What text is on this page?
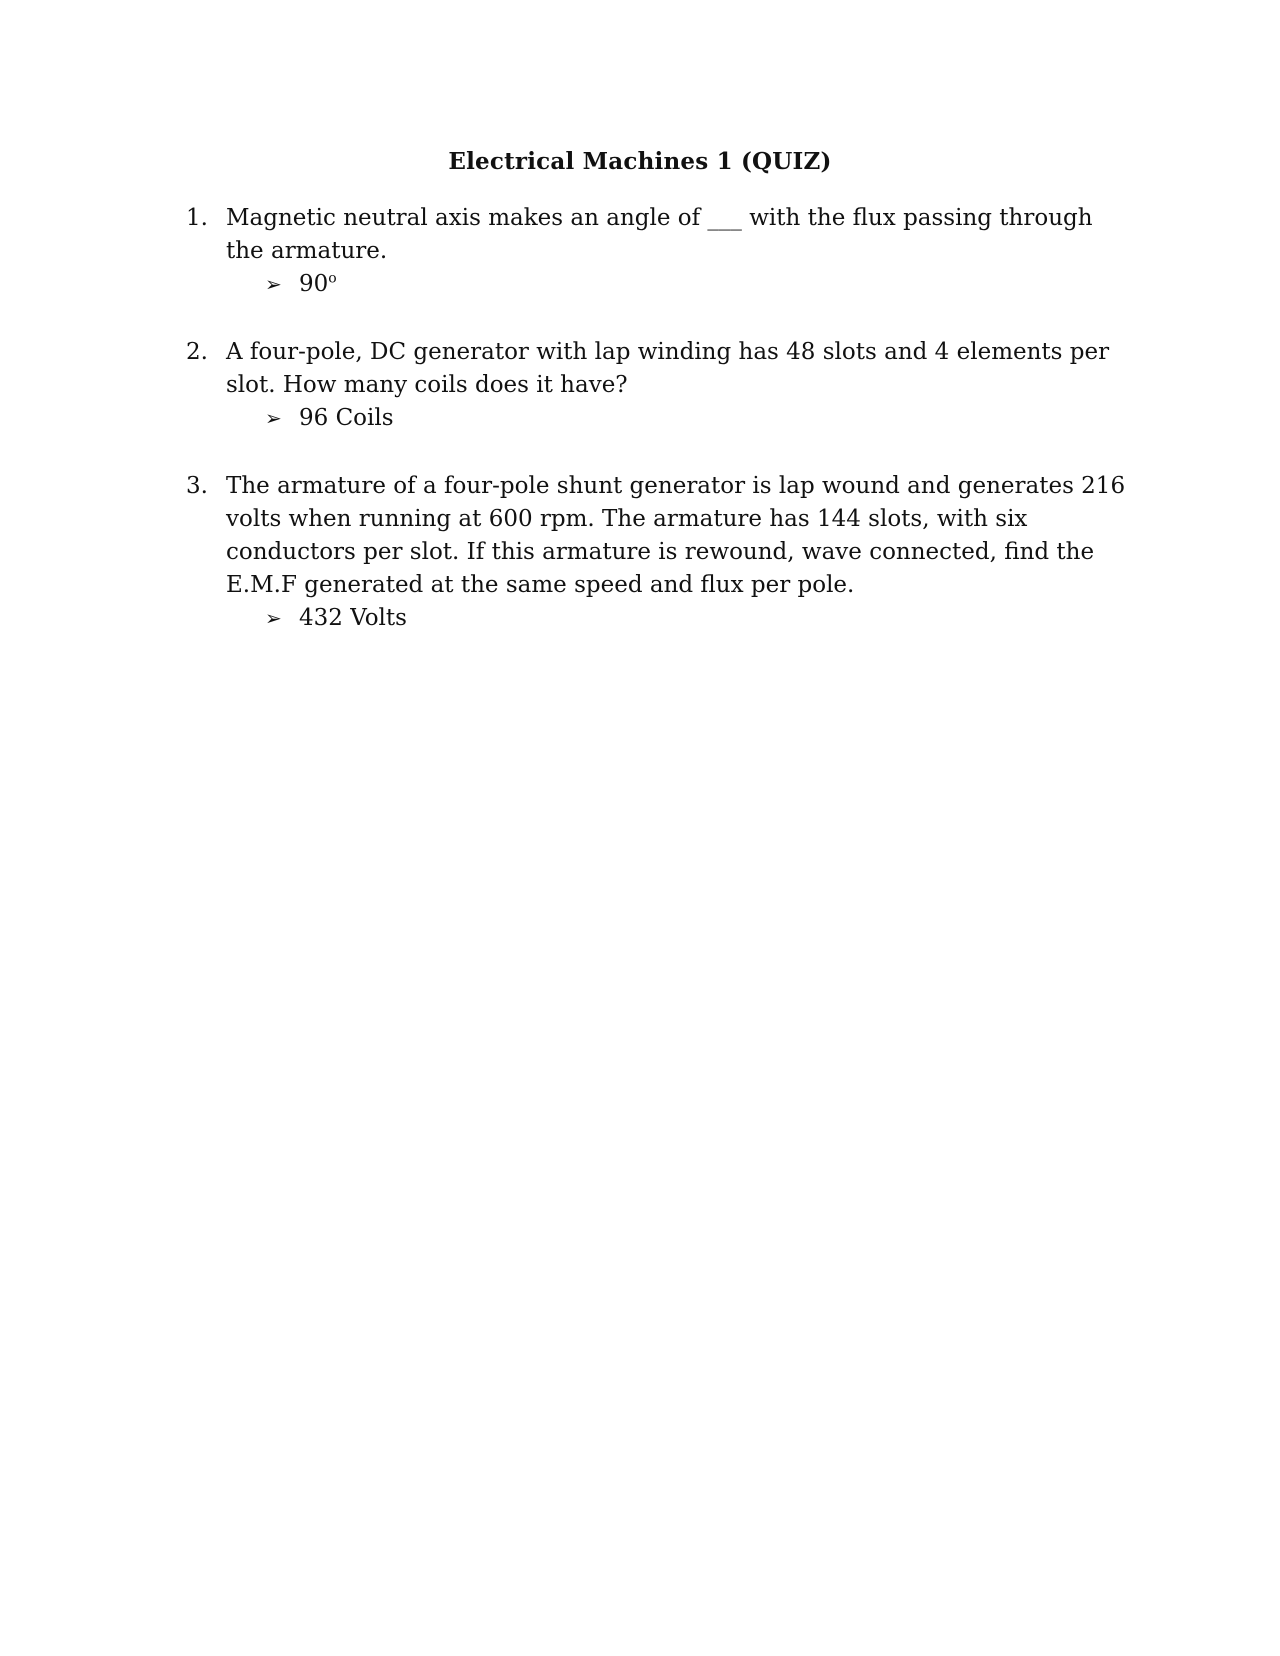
Electrical Machines 1 (QUIZ)
1. Magnetic neutral axis makes an angle of ___ with the flux passing through the armature.
➢ 90$^o$
2. A four-pole, DC generator with lap winding has 48 slots and 4 elements per slot. How many coils does it have?
➢ 96 Coils
3. The armature of a four-pole shunt generator is lap wound and generates 216 volts when running at 600 rpm. The armature has 144 slots, with six conductors per slot. If this armature is rewound, wave connected, find the E.M.F generated at the same speed and flux per pole.
➢ 432 Volts
